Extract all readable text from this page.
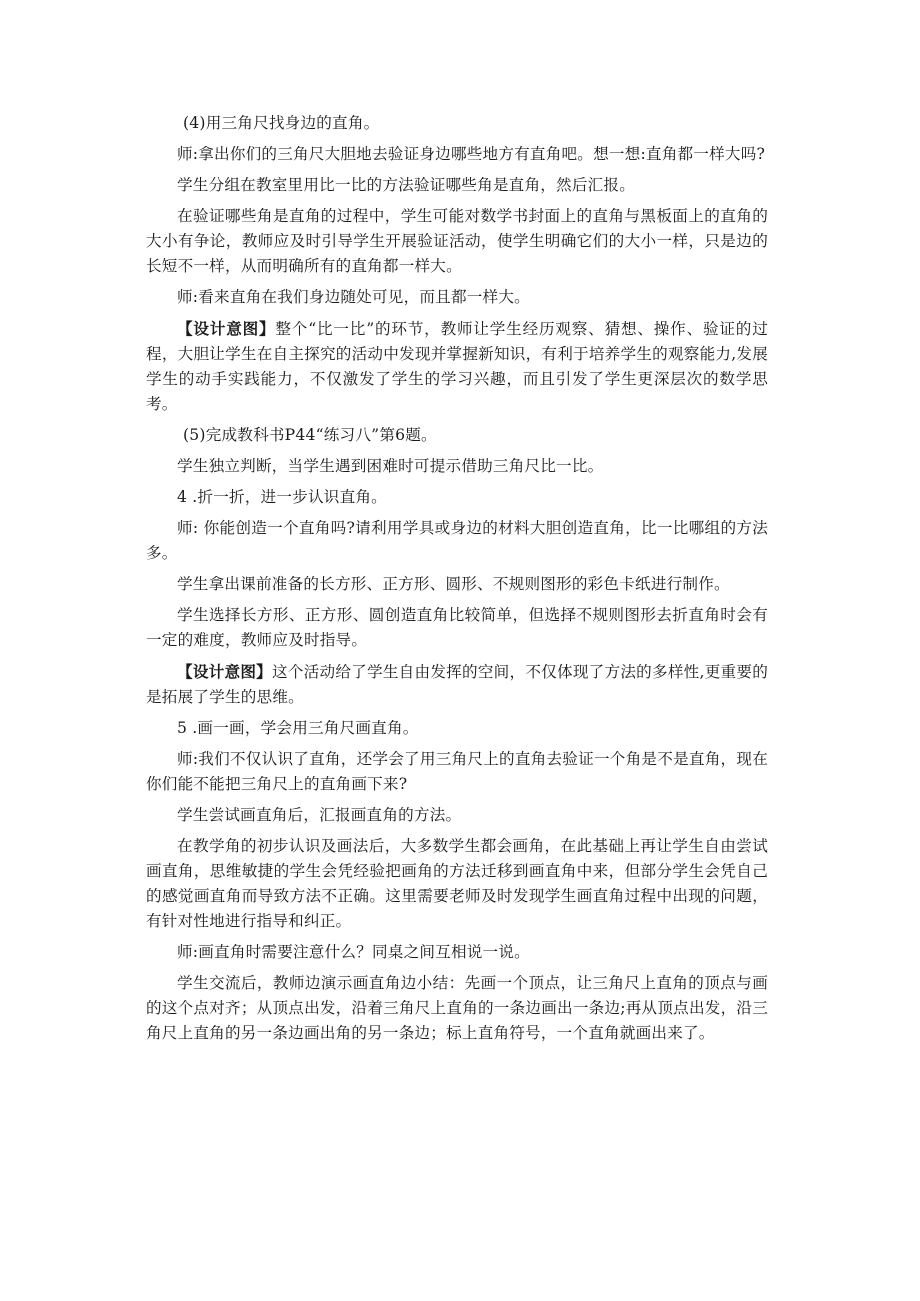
(4)用三角尺找身边的直角。

师:拿出你们的三角尺大胆地去验证身边哪些地方有直角吧。想一想:直角都一样大吗?

学生分组在教室里用比一比的方法验证哪些角是直角，然后汇报。

在验证哪些角是直角的过程中，学生可能对数学书封面上的直角与黑板面上的直角的大小有争论，教师应及时引导学生开展验证活动，使学生明确它们的大小一样，只是边的长短不一样，从而明确所有的直角都一样大。

师:看来直角在我们身边随处可见，而且都一样大。

【设计意图】整个“比一比”的环节，教师让学生经历观察、猜想、操作、验证的过程，大胆让学生在自主探究的活动中发现并掌握新知识，有利于培养学生的观察能力,发展学生的动手实践能力，不仅激发了学生的学习兴趣，而且引发了学生更深层次的数学思考。

(5)完成教科书P44“练习八”第6题。

学生独立判断，当学生遇到困难时可提示借助三角尺比一比。

4 .折一折，进一步认识直角。

师: 你能创造一个直角吗?请利用学具或身边的材料大胆创造直角，比一比哪组的方法多。

学生拿出课前准备的长方形、正方形、圆形、不规则图形的彩色卡纸进行制作。

学生选择长方形、正方形、圆创造直角比较简单，但选择不规则图形去折直角时会有一定的难度，教师应及时指导。

【设计意图】这个活动给了学生自由发挥的空间，不仅体现了方法的多样性,更重要的是拓展了学生的思维。

5 .画一画，学会用三角尺画直角。

师:我们不仅认识了直角，还学会了用三角尺上的直角去验证一个角是不是直角，现在你们能不能把三角尺上的直角画下来?

学生尝试画直角后，汇报画直角的方法。

在教学角的初步认识及画法后，大多数学生都会画角，在此基础上再让学生自由尝试画直角，思维敏捷的学生会凭经验把画角的方法迁移到画直角中来，但部分学生会凭自己的感觉画直角而导致方法不正确。这里需要老师及时发现学生画直角过程中出现的问题，有针对性地进行指导和纠正。

师:画直角时需要注意什么？同桌之间互相说一说。

学生交流后，教师边演示画直角边小结：先画一个顶点，让三角尺上直角的顶点与画的这个点对齐；从顶点出发，沿着三角尺上直角的一条边画出一条边;再从顶点出发，沿三角尺上直角的另一条边画出角的另一条边；标上直角符号，一个直角就画出来了。
